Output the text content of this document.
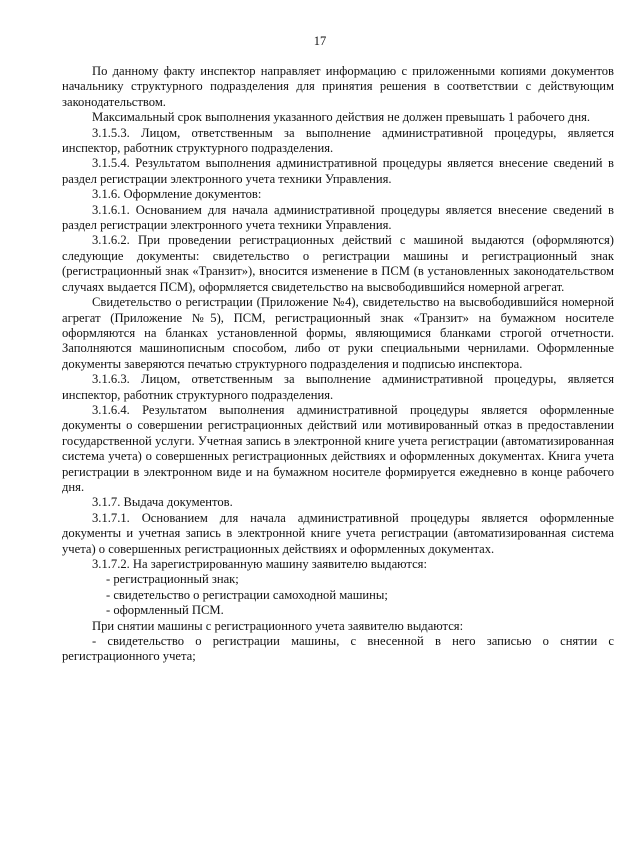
17

По данному факту инспектор направляет информацию с приложенными копиями документов начальнику структурного подразделения для принятия решения в соответствии с действующим законодательством.

Максимальный срок выполнения указанного действия не должен превышать 1 рабочего дня.

3.1.5.3. Лицом, ответственным за выполнение административной процедуры, является инспектор, работник структурного подразделения.

3.1.5.4. Результатом выполнения административной процедуры является внесение сведений в раздел регистрации электронного учета техники Управления.

3.1.6. Оформление документов:

3.1.6.1. Основанием для начала административной процедуры является внесение сведений в раздел регистрации электронного учета техники Управления.

3.1.6.2. При проведении регистрационных действий с машиной выдаются (оформляются) следующие документы: свидетельство о регистрации машины и регистрационный знак (регистрационный знак «Транзит»), вносится изменение в ПСМ (в установленных законодательством случаях выдается ПСМ), оформляется свидетельство на высвободившийся номерной агрегат.

Свидетельство о регистрации (Приложение №4), свидетельство на высвободившийся номерной агрегат (Приложение №5), ПСМ, регистрационный знак «Транзит» на бумажном носителе оформляются на бланках установленной формы, являющимися бланками строгой отчетности. Заполняются машинописным способом, либо от руки специальными чернилами. Оформленные документы заверяются печатью структурного подразделения и подписью инспектора.

3.1.6.3. Лицом, ответственным за выполнение административной процедуры, является инспектор, работник структурного подразделения.

3.1.6.4. Результатом выполнения административной процедуры является оформленные документы о совершении регистрационных действий или мотивированный отказ в предоставлении государственной услуги. Учетная запись в электронной книге учета регистрации (автоматизированная система учета) о совершенных регистрационных действиях и оформленных документах. Книга учета регистрации в электронном виде и на бумажном носителе формируется ежедневно в конце рабочего дня.

3.1.7. Выдача документов.

3.1.7.1. Основанием для начала административной процедуры является оформленные документы и учетная запись в электронной книге учета регистрации (автоматизированная система учета) о совершенных регистрационных действиях и оформленных документах.

3.1.7.2. На зарегистрированную машину заявителю выдаются:

- регистрационный знак;

- свидетельство о регистрации самоходной машины;

- оформленный ПСМ.

При снятии машины с регистрационного учета заявителю выдаются:

- свидетельство о регистрации машины, с внесенной в него записью о снятии с регистрационного учета;
